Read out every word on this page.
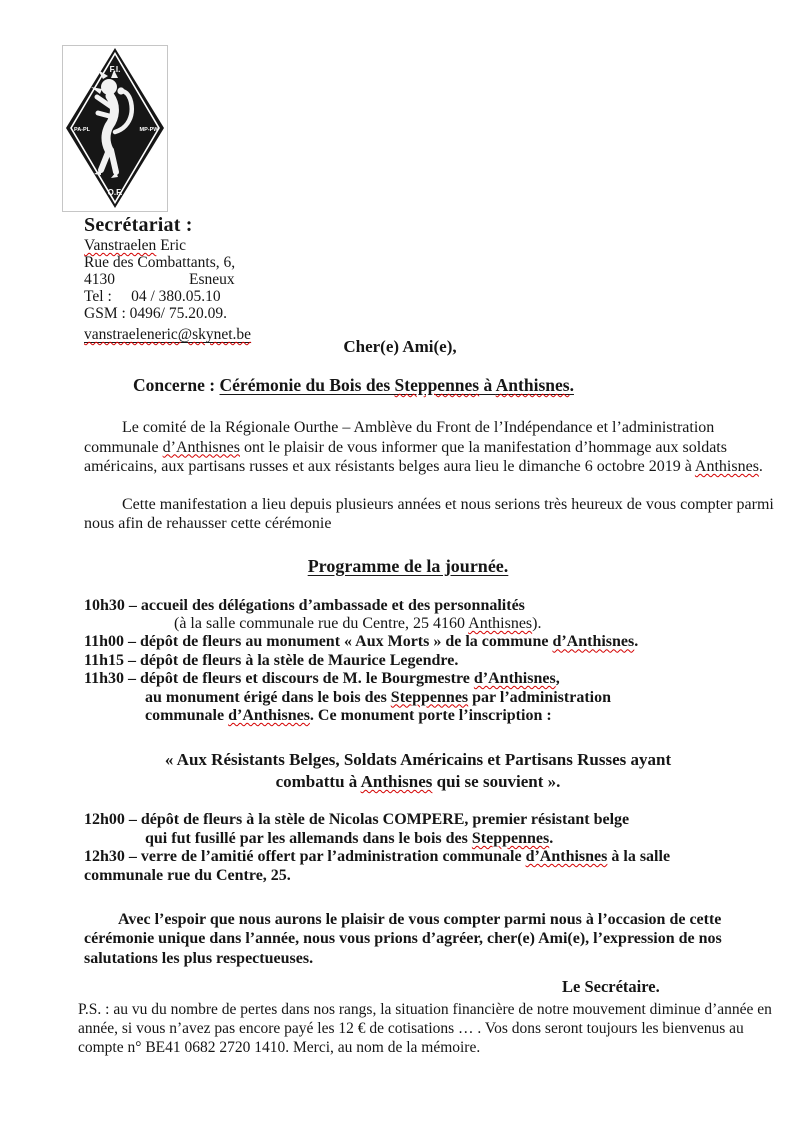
F.I.
PA-PL	MP-PW
O.F.
Secrétariat :
Vanstraelen Eric
Rue des Combattants, 6,
4130	Esneux
Tel :     04 / 380.05.10
GSM : 0496/ 75.20.09.
vanstraeleneric@skynet.be
Cher(e) Ami(e),
Concerne : Cérémonie du Bois des Steppennes à Anthisnes.
Le comité de la Régionale Ourthe – Amblève du Front de l’Indépendance et l’administration communale d’Anthisnes ont le plaisir de vous informer que la manifestation d’hommage aux soldats américains, aux partisans russes et aux résistants belges aura lieu le dimanche 6 octobre 2019 à Anthisnes.
Cette manifestation a lieu depuis plusieurs années et nous serions très heureux de vous compter parmi nous afin de rehausser cette cérémonie
Programme de la journée.
10h30 – accueil des délégations d’ambassade et des personnalités
(à la salle communale rue du Centre, 25 4160 Anthisnes).
11h00 – dépôt de fleurs au monument « Aux Morts » de la commune d’Anthisnes.
11h15 – dépôt de fleurs à la stèle de Maurice Legendre.
11h30 – dépôt de fleurs et discours de M. le Bourgmestre d’Anthisnes,
au monument érigé dans le bois des Steppennes par l’administration
communale d’Anthisnes. Ce monument porte l’inscription :
« Aux Résistants Belges, Soldats Américains et Partisans Russes ayant
combattu à Anthisnes qui se souvient ».
12h00 – dépôt de fleurs à la stèle de Nicolas COMPERE, premier résistant belge
qui fut fusillé par les allemands dans le bois des Steppennes.
12h30 – verre de l’amitié offert par l’administration communale d’Anthisnes à la salle
communale rue du Centre, 25.
Avec l’espoir que nous aurons le plaisir de vous compter parmi nous à l’occasion de cette cérémonie unique dans l’année, nous vous prions d’agréer, cher(e) Ami(e), l’expression de nos salutations les plus respectueuses.
Le Secrétaire.
P.S. : au vu du nombre de pertes dans nos rangs, la situation financière de notre mouvement diminue d’année en année, si vous n’avez pas encore payé les 12 € de cotisations … . Vos dons seront toujours les bienvenus au compte n° BE41 0682 2720 1410. Merci, au nom de la mémoire.
